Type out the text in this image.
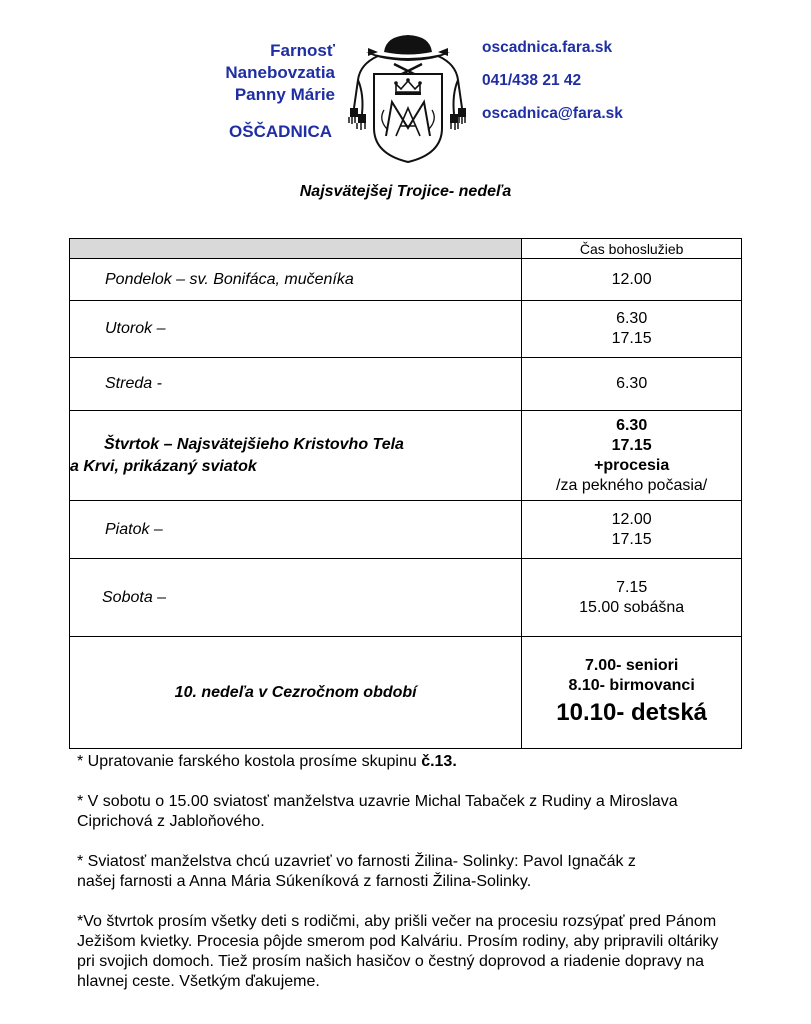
Farnosť
Nanebovzatia
Panny Márie
OŠČADNICA
oscadnica.fara.sk
041/438 21 42
oscadnica@fara.sk
Najsvätejšej Trojice- nedeľa
	Čas bohoslužieb
Pondelok – sv. Bonifáca, mučeníka	12.00

Utorok –	6.30
17.15

Streda -	6.30

Štvrtok – Najsvätejšieho Kristovho Tela
a Krvi, prikázaný sviatok	6.30
17.15
+procesia
/za pekného počasia/

Piatok –	12.00
17.15

Sobota –	7.15
15.00 sobášna

10. nedeľa v Cezročnom období	7.00- seniori
8.10- birmovanci
10.10- detská

* Upratovanie farského kostola prosíme skupinu č.13.

* V sobotu o 15.00 sviatosť manželstva uzavrie Michal Tabaček z Rudiny a Miroslava Ciprichová z Jabloňového.

* Sviatosť manželstva chcú uzavrieť vo farnosti Žilina- Solinky: Pavol Ignačák z našej farnosti a Anna Mária Súkeníková z farnosti Žilina-Solinky.

*Vo štvrtok prosím všetky deti s rodičmi, aby prišli večer na procesiu rozsýpať pred Pánom Ježišom kvietky. Procesia pôjde smerom pod Kalváriu. Prosím rodiny, aby pripravili oltáriky pri svojich domoch. Tiež prosím našich hasičov o čestný doprovod a riadenie dopravy na hlavnej ceste. Všetkým ďakujeme.
